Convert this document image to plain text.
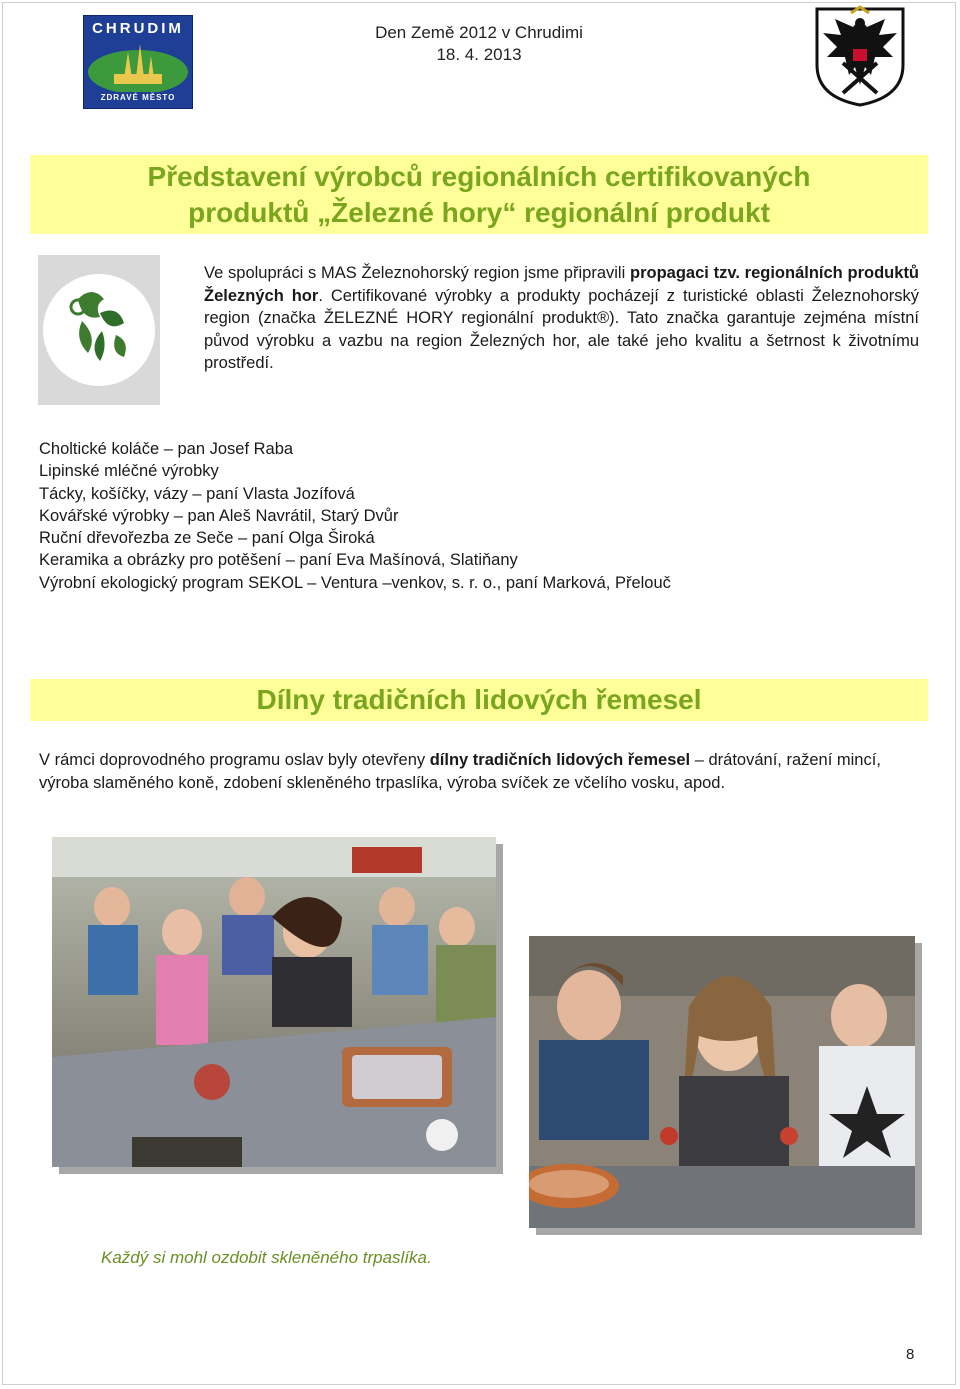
CHRUDIM
ZDRAVÉ MĚSTO
Den Země 2012 v Chrudimi
18. 4. 2013
Představení výrobců regionálních certifikovaných
produktů „Železné hory“ regionální produkt
Ve spolupráci s MAS Železnohorský region jsme připravili propagaci tzv. regionálních produktů Železných hor. Certifikované výrobky a produkty pocházejí z turistické oblasti Železnohorský region (značka ŽELEZNÉ HORY regionální produkt®). Tato značka garantuje zejména místní původ výrobku a vazbu na region Železných hor, ale také jeho kvalitu a šetrnost k životnímu prostředí.
Choltické koláče – pan Josef Raba
Lipinské mléčné výrobky
Tácky, košíčky, vázy – paní Vlasta Jozífová
Kovářské výrobky – pan Aleš Navrátil, Starý Dvůr
Ruční dřevořezba ze Seče – paní Olga Široká
Keramika a obrázky pro potěšení – paní Eva Mašínová, Slatiňany
Výrobní ekologický program SEKOL – Ventura –venkov, s. r. o., paní Marková, Přelouč
Dílny tradičních lidových řemesel
V rámci doprovodného programu oslav byly otevřeny dílny tradičních lidových řemesel – drátování, ražení mincí, výroba slaměného koně, zdobení skleněného trpaslíka, výroba svíček ze včelího vosku, apod.
Každý si mohl ozdobit skleněného trpaslíka.
8
